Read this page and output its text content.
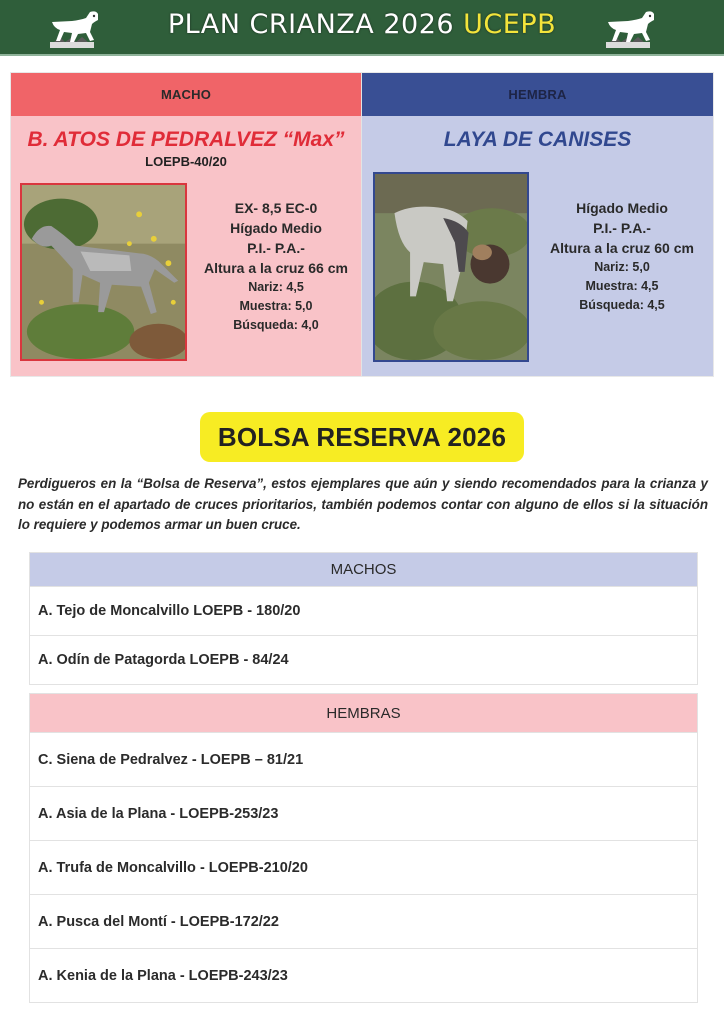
PLAN CRIANZA 2026 UCEPB
MACHO
B. ATOS DE PEDRALVEZ “Max”
LOEPB-40/20
EX- 8,5 EC-0
Hígado Medio
P.I.- P.A.-
Altura a la cruz 66 cm
Nariz: 4,5
Muestra: 5,0
Búsqueda: 4,0
HEMBRA
LAYA DE CANISES
Hígado Medio
P.I.- P.A.-
Altura a la cruz 60 cm
Nariz: 5,0
Muestra: 4,5
Búsqueda: 4,5
BOLSA RESERVA 2026

Perdigueros en la “Bolsa de Reserva”, estos ejemplares que aún y siendo recomendados para la crianza y no están en el apartado de cruces prioritarios, también podemos contar con alguno de ellos si la situación lo requiere y podemos armar un buen cruce.

MACHOS
A. Tejo de Moncalvillo LOEPB - 180/20
A. Odín de Patagorda LOEPB - 84/24
HEMBRAS
C. Siena de Pedralvez - LOEPB – 81/21
A. Asia de la Plana - LOEPB-253/23
A. Trufa de Moncalvillo - LOEPB-210/20
A. Pusca del Montí - LOEPB-172/22
A. Kenia de la Plana - LOEPB-243/23
